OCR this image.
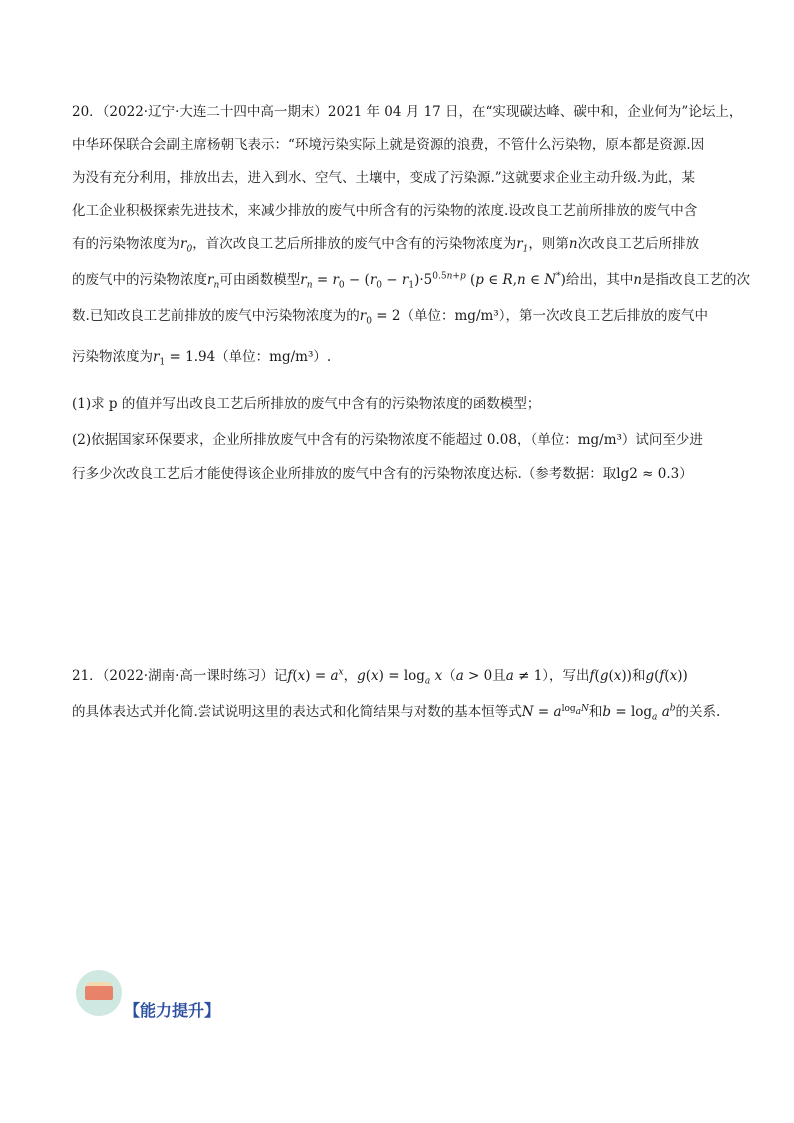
20．（2022·辽宁·大连二十四中高一期末）2021 年 04 月 17 日，在“实现碳达峰、碳中和，企业何为”论坛上，
中华环保联合会副主席杨朝飞表示：“环境污染实际上就是资源的浪费，不管什么污染物，原本都是资源.因
为没有充分利用，排放出去，进入到水、空气、土壤中，变成了污染源.”这就要求企业主动升级.为此，某
化工企业积极探索先进技术，来减少排放的废气中所含有的污染物的浓度.设改良工艺前所排放的废气中含
有的污染物浓度为$r_0$，首次改良工艺后所排放的废气中含有的污染物浓度为$r_1$，则第n次改良工艺后所排放
的废气中的污染物浓度$r_n$可由函数模型$r_n = r_0 - (r_0 - r_1)\cdot 5^{0.5n+p}$ (p ∈ R,n ∈ N*)给出，其中n是指改良工艺的次
数.已知改良工艺前排放的废气中污染物浓度为的$r_0 = 2$（单位：mg/m³），第一次改良工艺后排放的废气中
污染物浓度为$r_1 = 1.94$（单位：mg/m³）.
(1)求 p 的值并写出改良工艺后所排放的废气中含有的污染物浓度的函数模型；
(2)依据国家环保要求，企业所排放废气中含有的污染物浓度不能超过 0.08，（单位：mg/m³）试问至少进
行多少次改良工艺后才能使得该企业所排放的废气中含有的污染物浓度达标.（参考数据：取lg2 ≈ 0.3）
21．（2022·湖南·高一课时练习）记$f(x) = a^x$，$g(x) = \log_a x(a > 0$且a ≠ 1），写出f(g(x))和g(f(x))
的具体表达式并化简.尝试说明这里的表达式和化简结果与对数的基本恒等式$N = a^{log_aN}$和$b = \log_a a^b$的关系.
【能力提升】
